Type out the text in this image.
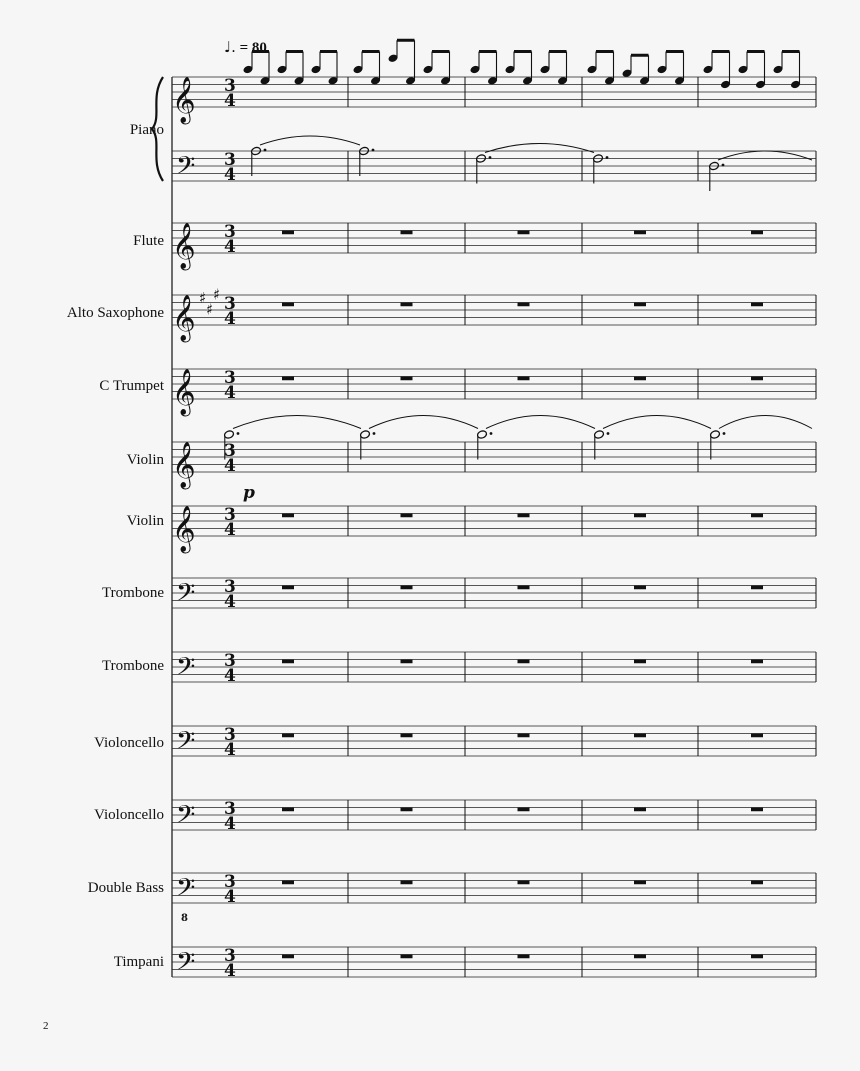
♩. = 80
Piano
Flute
Alto Saxophone
C Trumpet
Violin
Violin
Trombone
Trombone
Violoncello
Violoncello
Double Bass
Timpani
𝄞 3
4
𝄢 3
4
𝄞 3
4
𝄞 ♯
♯
♯ 3
4
𝄞 3
4
𝄞 3
4
𝄞 3
4
p
𝄢 3
4
𝄢 3
4
𝄢 3
4
𝄢 3
4
𝄢
8
3
4
𝄢 3
4
2
